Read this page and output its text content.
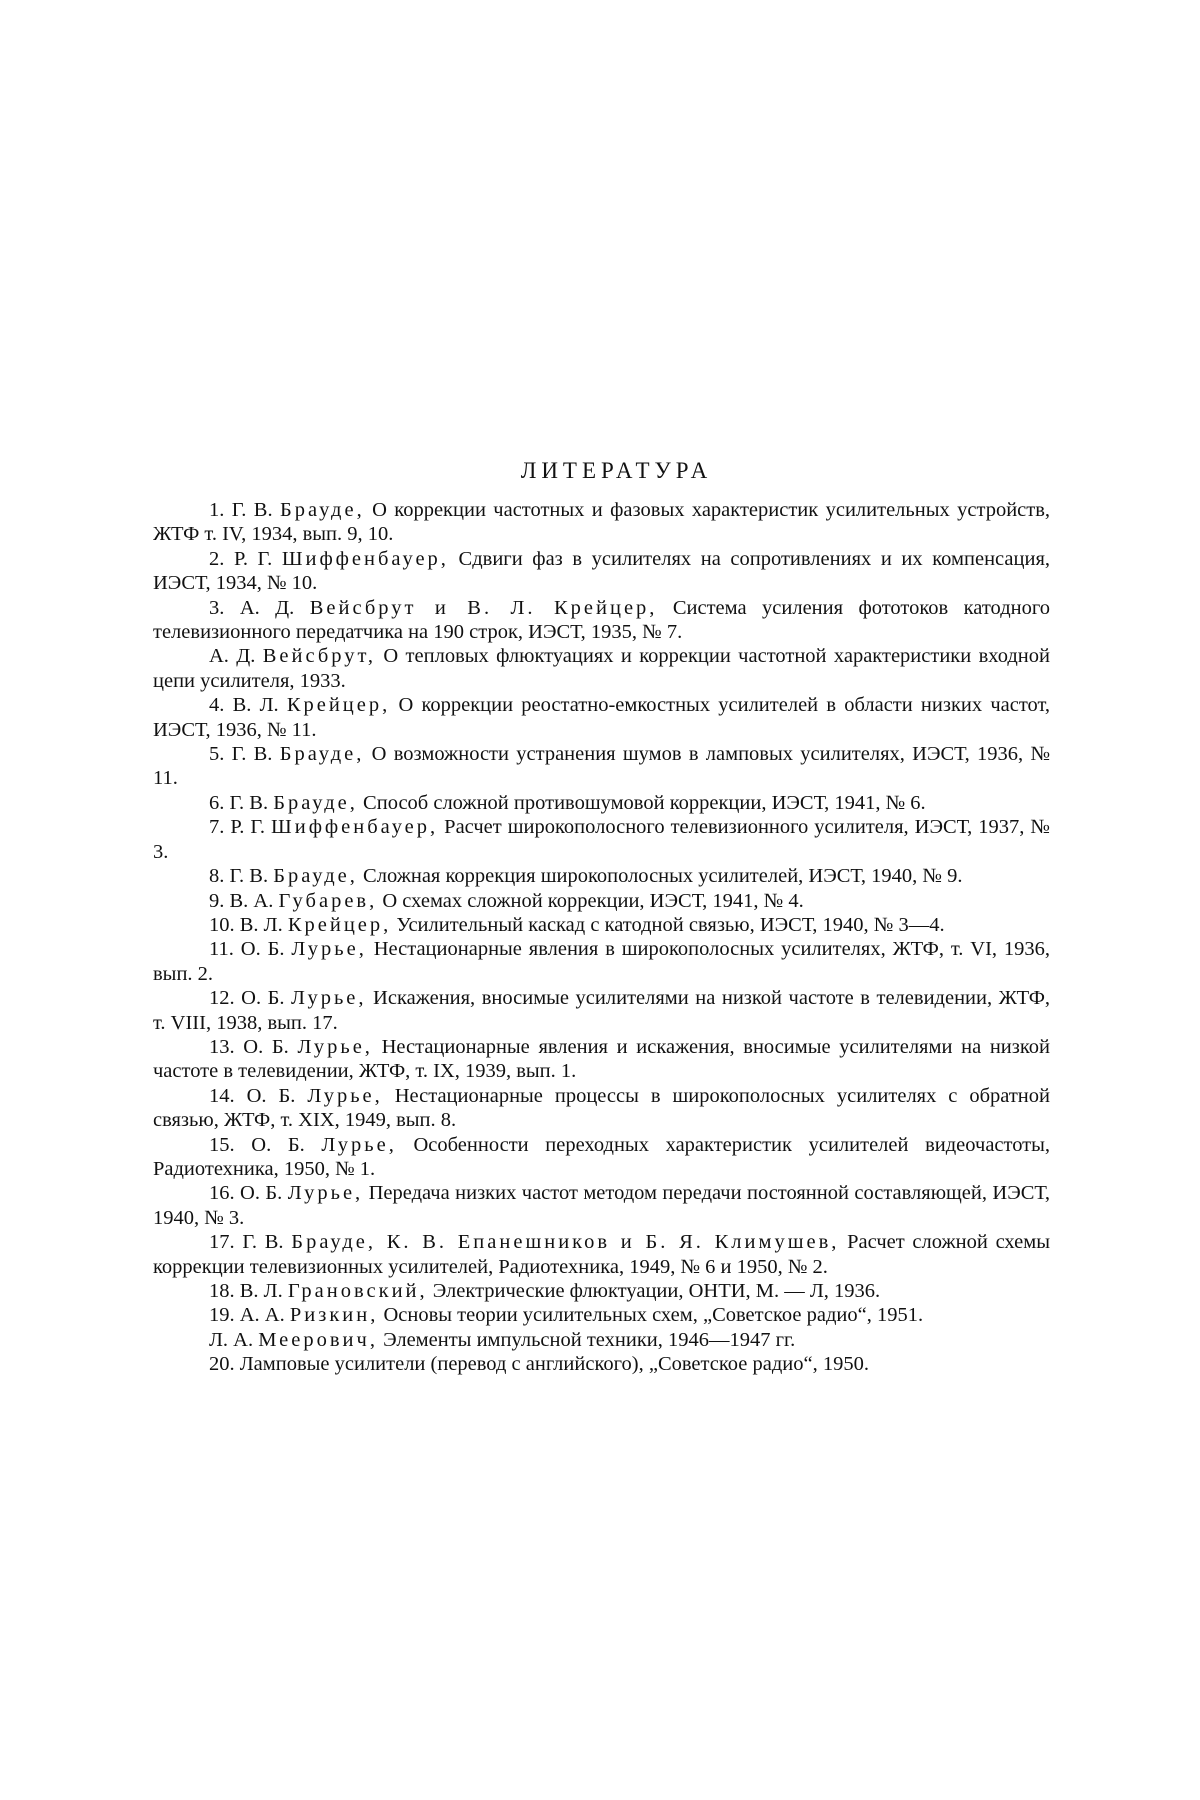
ЛИТЕРАТУРА

1. Г. В. Брауде, О коррекции частотных и фазовых характеристик усилительных устройств, ЖТФ т. IV, 1934, вып. 9, 10.

2. Р. Г. Шиффенбауер, Сдвиги фаз в усилителях на сопротивлениях и их компенсация, ИЭСТ, 1934, № 10.

3. А. Д. Вейсбрут и В. Л. Крейцер, Система усиления фототоков катодного телевизионного передатчика на 190 строк, ИЭСТ, 1935, № 7.

А. Д. Вейсбрут, О тепловых флюктуациях и коррекции частотной характеристики входной цепи усилителя, 1933.

4. В. Л. Крейцер, О коррекции реостатно-емкостных усилителей в области низких частот, ИЭСТ, 1936, № 11.

5. Г. В. Брауде, О возможности устранения шумов в ламповых усилителях, ИЭСТ, 1936, № 11.

6. Г. В. Брауде, Способ сложной противошумовой коррекции, ИЭСТ, 1941, № 6.

7. Р. Г. Шиффенбауер, Расчет широкополосного телевизионного усилителя, ИЭСТ, 1937, № 3.

8. Г. В. Брауде, Сложная коррекция широкополосных усилителей, ИЭСТ, 1940, № 9.

9. В. А. Губарев, О схемах сложной коррекции, ИЭСТ, 1941, № 4.

10. В. Л. Крейцер, Усилительный каскад с катодной связью, ИЭСТ, 1940, № 3—4.

11. О. Б. Лурье, Нестационарные явления в широкополосных усилителях, ЖТФ, т. VI, 1936, вып. 2.

12. О. Б. Лурье, Искажения, вносимые усилителями на низкой частоте в телевидении, ЖТФ, т. VIII, 1938, вып. 17.

13. О. Б. Лурье, Нестационарные явления и искажения, вносимые усилителями на низкой частоте в телевидении, ЖТФ, т. IX, 1939, вып. 1.

14. О. Б. Лурье, Нестационарные процессы в широкополосных усилителях с обратной связью, ЖТФ, т. XIX, 1949, вып. 8.

15. О. Б. Лурье, Особенности переходных характеристик усилителей видеочастоты, Радиотехника, 1950, № 1.

16. О. Б. Лурье, Передача низких частот методом передачи постоянной составляющей, ИЭСТ, 1940, № 3.

17. Г. В. Брауде, К. В. Епанешников и Б. Я. Климушев, Расчет сложной схемы коррекции телевизионных усилителей, Радиотехника, 1949, № 6 и 1950, № 2.

18. В. Л. Грановский, Электрические флюктуации, ОНТИ, М. — Л, 1936.

19. А. А. Ризкин, Основы теории усилительных схем, „Советское радио“, 1951.

Л. А. Меерович, Элементы импульсной техники, 1946—1947 гг.

20. Ламповые усилители (перевод с английского), „Советское радио“, 1950.
